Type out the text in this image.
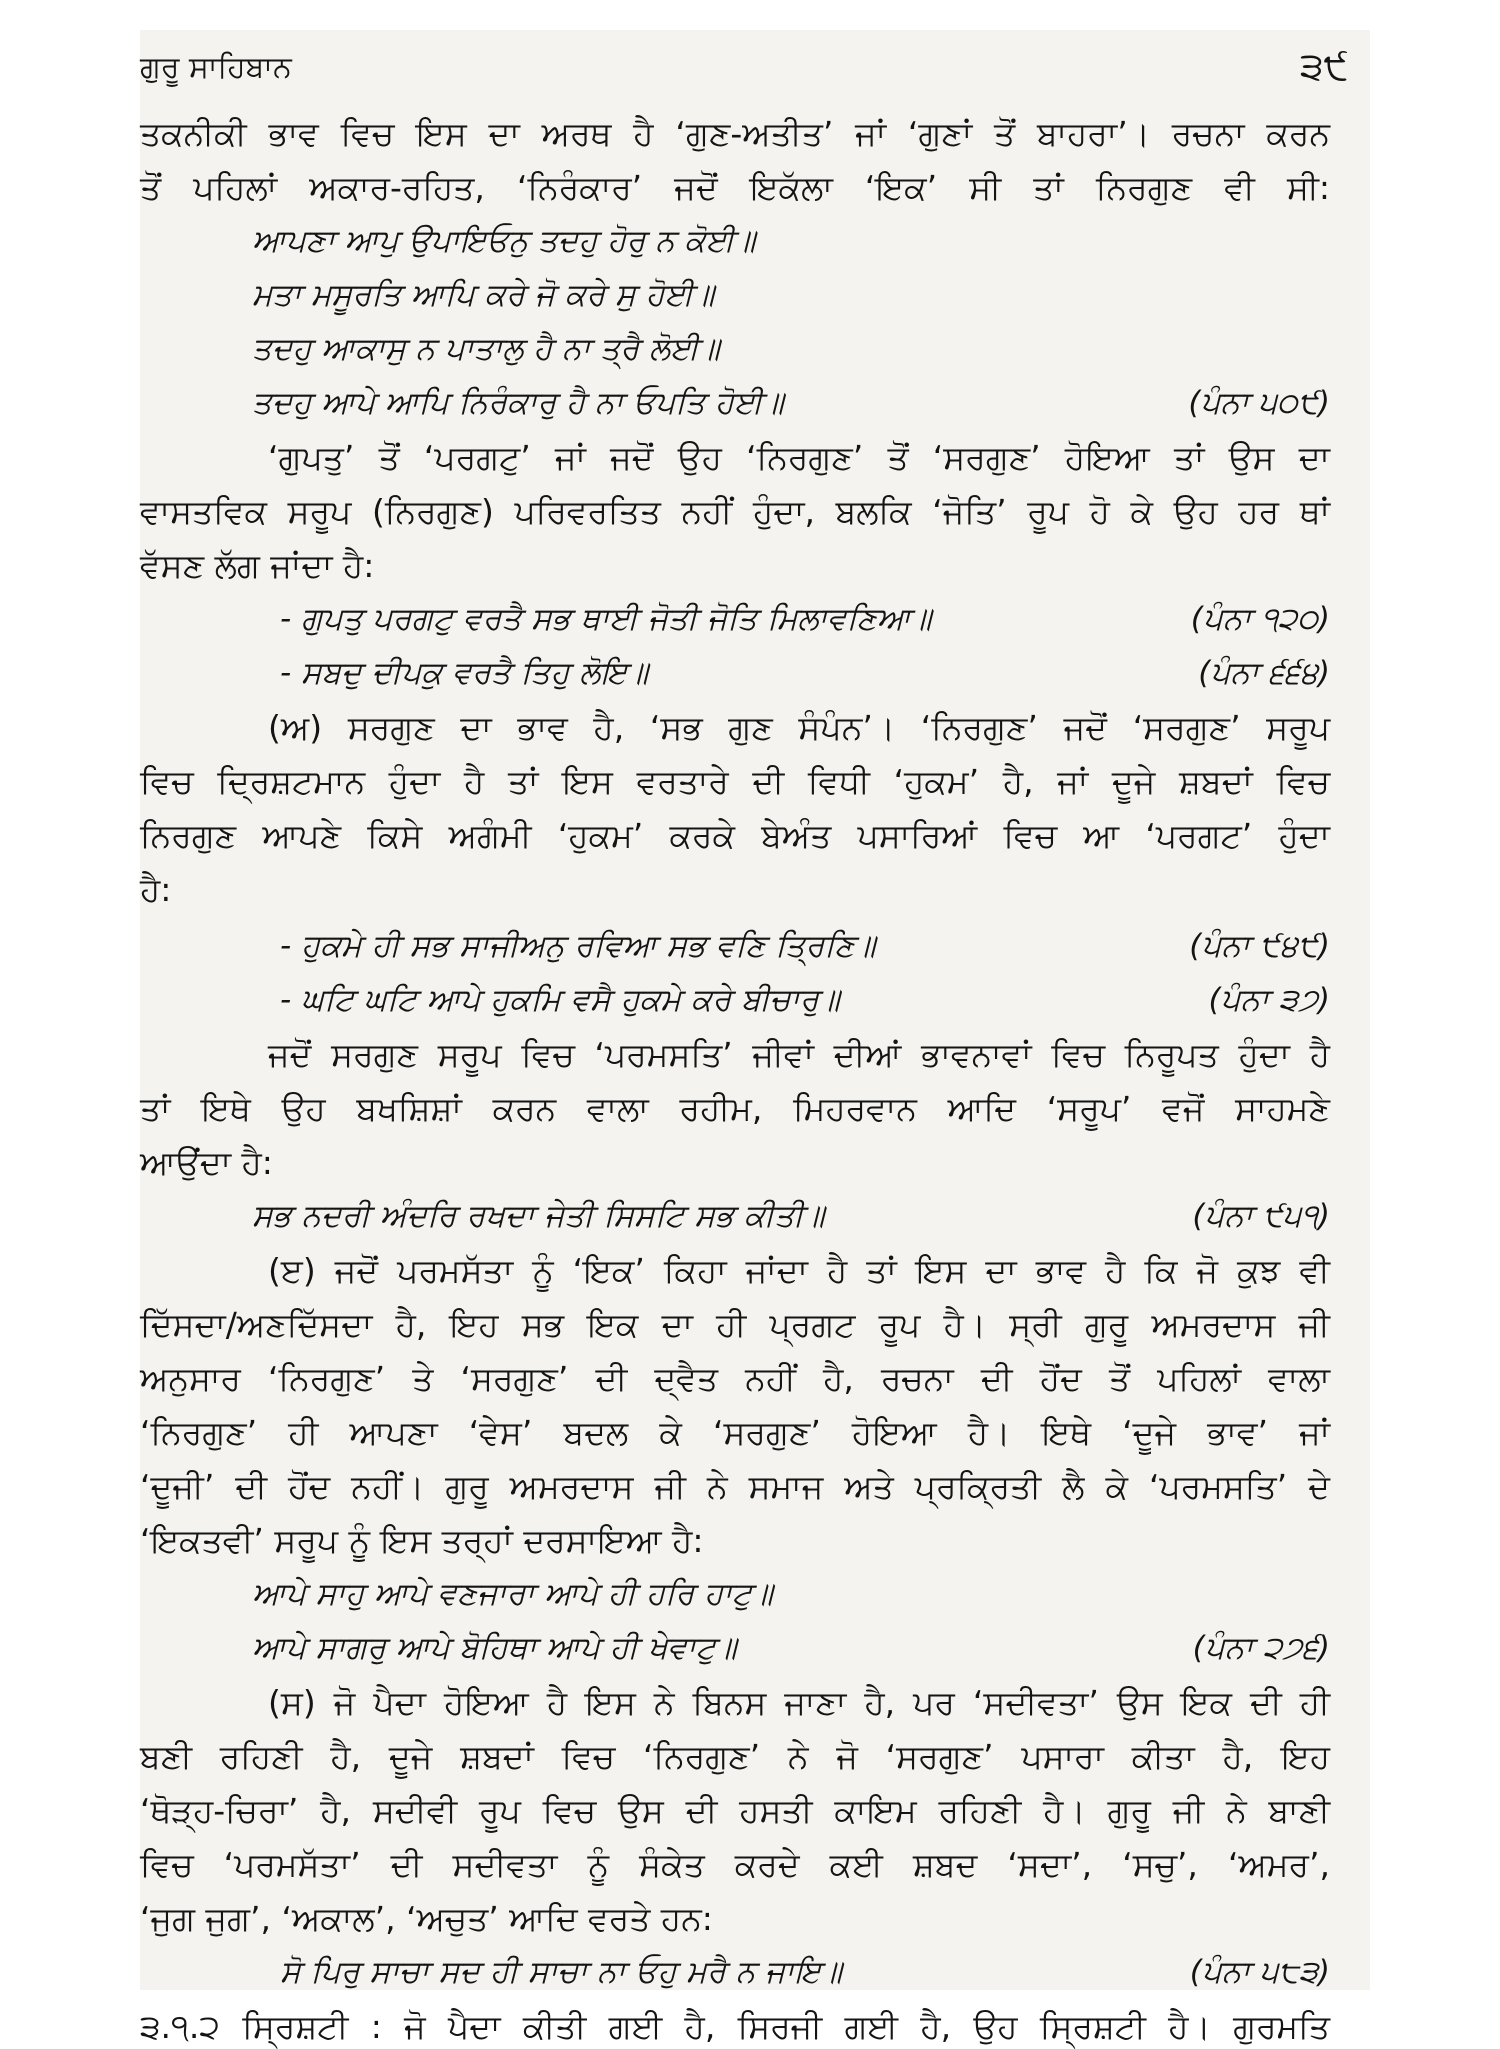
ਗੁਰੂ ਸਾਹਿਬਾਨ	੩੯
ਤਕਨੀਕੀ ਭਾਵ ਵਿਚ ਇਸ ਦਾ ਅਰਥ ਹੈ ‘ਗੁਣ-ਅਤੀਤ’ ਜਾਂ ‘ਗੁਣਾਂ ਤੋਂ ਬਾਹਰਾ’। ਰਚਨਾ ਕਰਨ
ਤੋਂ ਪਹਿਲਾਂ ਅਕਾਰ-ਰਹਿਤ, ‘ਨਿਰੰਕਾਰ’ ਜਦੋਂ ਇਕੱਲਾ ‘ਇਕ’ ਸੀ ਤਾਂ ਨਿਰਗੁਣ ਵੀ ਸੀ:
ਆਪਣਾ ਆਪੁ ਉਪਾਇਓਨੁ ਤਦਹੁ ਹੋਰੁ ਨ ਕੋਈ॥
ਮਤਾ ਮਸੂਰਤਿ ਆਪਿ ਕਰੇ ਜੋ ਕਰੇ ਸੁ ਹੋਈ॥
ਤਦਹੁ ਆਕਾਸੁ ਨ ਪਾਤਾਲੁ ਹੈ ਨਾ ਤ੍ਰੈ ਲੋਈ॥
ਤਦਹੁ ਆਪੇ ਆਪਿ ਨਿਰੰਕਾਰੁ ਹੈ ਨਾ ਓਪਤਿ ਹੋਈ॥	(ਪੰਨਾ ੫੦੯)
‘ਗੁਪਤੁ’ ਤੋਂ ‘ਪਰਗਟੁ’ ਜਾਂ ਜਦੋਂ ਉਹ ‘ਨਿਰਗੁਣ’ ਤੋਂ ‘ਸਰਗੁਣ’ ਹੋਇਆ ਤਾਂ ਉਸ ਦਾ
ਵਾਸਤਵਿਕ ਸਰੂਪ (ਨਿਰਗੁਣ) ਪਰਿਵਰਤਿਤ ਨਹੀਂ ਹੁੰਦਾ, ਬਲਕਿ ‘ਜੋਤਿ’ ਰੂਪ ਹੋ ਕੇ ਉਹ ਹਰ ਥਾਂ
ਵੱਸਣ ਲੱਗ ਜਾਂਦਾ ਹੈ:
- ਗੁਪਤੁ ਪਰਗਟੁ ਵਰਤੈ ਸਭ ਥਾਈ ਜੋਤੀ ਜੋਤਿ ਮਿਲਾਵਣਿਆ॥	(ਪੰਨਾ ੧੨੦)
- ਸਬਦੁ ਦੀਪਕੁ ਵਰਤੈ ਤਿਹੁ ਲੋਇ॥	(ਪੰਨਾ ੬੬੪)
(ਅ) ਸਰਗੁਣ ਦਾ ਭਾਵ ਹੈ, ‘ਸਭ ਗੁਣ ਸੰਪੰਨ’। ‘ਨਿਰਗੁਣ’ ਜਦੋਂ ‘ਸਰਗੁਣ’ ਸਰੂਪ
ਵਿਚ ਦ੍ਰਿਸ਼ਟਮਾਨ ਹੁੰਦਾ ਹੈ ਤਾਂ ਇਸ ਵਰਤਾਰੇ ਦੀ ਵਿਧੀ ‘ਹੁਕਮ’ ਹੈ, ਜਾਂ ਦੂਜੇ ਸ਼ਬਦਾਂ ਵਿਚ
ਨਿਰਗੁਣ ਆਪਣੇ ਕਿਸੇ ਅਗੰਮੀ ‘ਹੁਕਮ’ ਕਰਕੇ ਬੇਅੰਤ ਪਸਾਰਿਆਂ ਵਿਚ ਆ ‘ਪਰਗਟ’ ਹੁੰਦਾ
ਹੈ:
- ਹੁਕਮੇ ਹੀ ਸਭ ਸਾਜੀਅਨੁ ਰਵਿਆ ਸਭ ਵਣਿ ਤ੍ਰਿਣਿ॥	(ਪੰਨਾ ੯੪੯)
- ਘਟਿ ਘਟਿ ਆਪੇ ਹੁਕਮਿ ਵਸੈ ਹੁਕਮੇ ਕਰੇ ਬੀਚਾਰੁ॥	(ਪੰਨਾ ੩੭)
ਜਦੋਂ ਸਰਗੁਣ ਸਰੂਪ ਵਿਚ ‘ਪਰਮਸਤਿ’ ਜੀਵਾਂ ਦੀਆਂ ਭਾਵਨਾਵਾਂ ਵਿਚ ਨਿਰੂਪਤ ਹੁੰਦਾ ਹੈ
ਤਾਂ ਇਥੇ ਉਹ ਬਖਸ਼ਿਸ਼ਾਂ ਕਰਨ ਵਾਲਾ ਰਹੀਮ, ਮਿਹਰਵਾਨ ਆਦਿ ‘ਸਰੂਪ’ ਵਜੋਂ ਸਾਹਮਣੇ
ਆਉਂਦਾ ਹੈ:
ਸਭ ਨਦਰੀ ਅੰਦਰਿ ਰਖਦਾ ਜੇਤੀ ਸਿਸਟਿ ਸਭ ਕੀਤੀ॥	(ਪੰਨਾ ੯੫੧)
(ੲ) ਜਦੋਂ ਪਰਮਸੱਤਾ ਨੂੰ ‘ਇਕ’ ਕਿਹਾ ਜਾਂਦਾ ਹੈ ਤਾਂ ਇਸ ਦਾ ਭਾਵ ਹੈ ਕਿ ਜੋ ਕੁਝ ਵੀ
ਦਿੱਸਦਾ/ਅਣਦਿੱਸਦਾ ਹੈ, ਇਹ ਸਭ ਇਕ ਦਾ ਹੀ ਪ੍ਰਗਟ ਰੂਪ ਹੈ। ਸ੍ਰੀ ਗੁਰੂ ਅਮਰਦਾਸ ਜੀ
ਅਨੁਸਾਰ ‘ਨਿਰਗੁਣ’ ਤੇ ‘ਸਰਗੁਣ’ ਦੀ ਦ੍ਵੈਤ ਨਹੀਂ ਹੈ, ਰਚਨਾ ਦੀ ਹੋਂਦ ਤੋਂ ਪਹਿਲਾਂ ਵਾਲਾ
‘ਨਿਰਗੁਣ’ ਹੀ ਆਪਣਾ ‘ਵੇਸ’ ਬਦਲ ਕੇ ‘ਸਰਗੁਣ’ ਹੋਇਆ ਹੈ। ਇਥੇ ‘ਦੂਜੇ ਭਾਵ’ ਜਾਂ
‘ਦੂਜੀ’ ਦੀ ਹੋਂਦ ਨਹੀਂ। ਗੁਰੂ ਅਮਰਦਾਸ ਜੀ ਨੇ ਸਮਾਜ ਅਤੇ ਪ੍ਰਕ੍ਰਿਤੀ ਲੈ ਕੇ ‘ਪਰਮਸਤਿ’ ਦੇ
‘ਇਕਤਵੀ’ ਸਰੂਪ ਨੂੰ ਇਸ ਤਰ੍ਹਾਂ ਦਰਸਾਇਆ ਹੈ:
ਆਪੇ ਸਾਹੁ ਆਪੇ ਵਣਜਾਰਾ ਆਪੇ ਹੀ ਹਰਿ ਹਾਟੁ॥
ਆਪੇ ਸਾਗਰੁ ਆਪੇ ਬੋਹਿਥਾ ਆਪੇ ਹੀ ਖੇਵਾਟੁ॥	(ਪੰਨਾ ੨੭੬)
(ਸ) ਜੋ ਪੈਦਾ ਹੋਇਆ ਹੈ ਇਸ ਨੇ ਬਿਨਸ ਜਾਣਾ ਹੈ, ਪਰ ‘ਸਦੀਵਤਾ’ ਉਸ ਇਕ ਦੀ ਹੀ
ਬਣੀ ਰਹਿਣੀ ਹੈ, ਦੂਜੇ ਸ਼ਬਦਾਂ ਵਿਚ ‘ਨਿਰਗੁਣ’ ਨੇ ਜੋ ‘ਸਰਗੁਣ’ ਪਸਾਰਾ ਕੀਤਾ ਹੈ, ਇਹ
‘ਥੋੜ੍ਹ-ਚਿਰਾ’ ਹੈ, ਸਦੀਵੀ ਰੂਪ ਵਿਚ ਉਸ ਦੀ ਹਸਤੀ ਕਾਇਮ ਰਹਿਣੀ ਹੈ। ਗੁਰੂ ਜੀ ਨੇ ਬਾਣੀ
ਵਿਚ ‘ਪਰਮਸੱਤਾ’ ਦੀ ਸਦੀਵਤਾ ਨੂੰ ਸੰਕੇਤ ਕਰਦੇ ਕਈ ਸ਼ਬਦ ‘ਸਦਾ’, ‘ਸਚੁ’, ‘ਅਮਰ’,
‘ਜੁਗ ਜੁਗ’, ‘ਅਕਾਲ’, ‘ਅਚੁਤ’ ਆਦਿ ਵਰਤੇ ਹਨ:
ਸੋ ਪਿਰੁ ਸਾਚਾ ਸਦ ਹੀ ਸਾਚਾ ਨਾ ਓਹੁ ਮਰੈ ਨ ਜਾਇ॥	(ਪੰਨਾ ੫੮੩)
੩.੧.੨ ਸ੍ਰਿਸ਼ਟੀ : ਜੋ ਪੈਦਾ ਕੀਤੀ ਗਈ ਹੈ, ਸਿਰਜੀ ਗਈ ਹੈ, ਉਹ ਸ੍ਰਿਸ਼ਟੀ ਹੈ। ਗੁਰਮਤਿ
